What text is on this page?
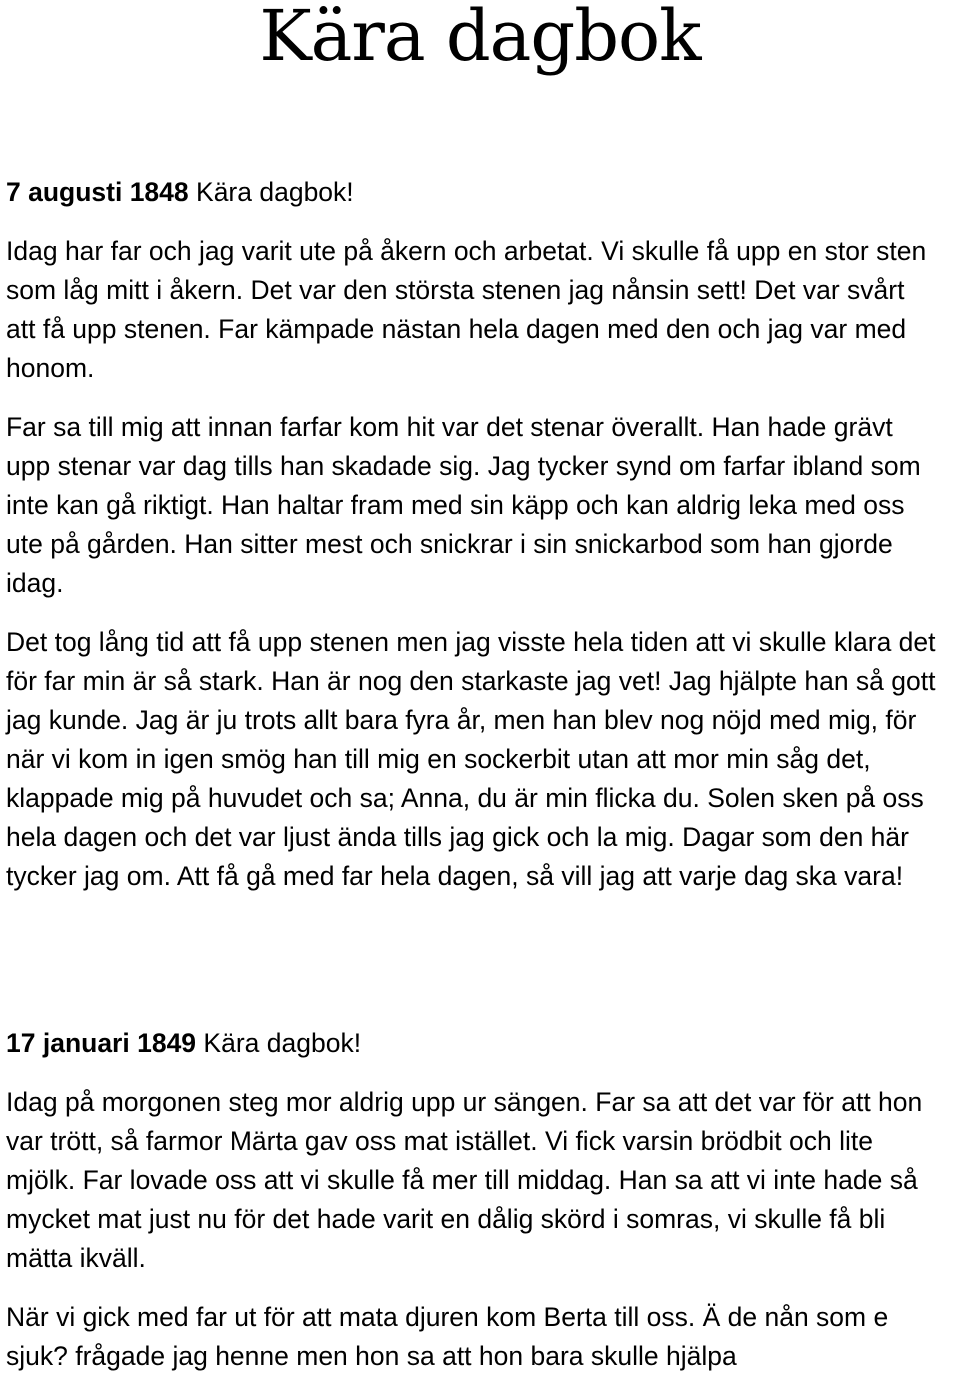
Kära dagbok
7 augusti 1848 Kära dagbok!

Idag har far och jag varit ute på åkern och arbetat. Vi skulle få upp en stor sten som låg mitt i åkern. Det var den största stenen jag nånsin sett! Det var svårt att få upp stenen. Far kämpade nästan hela dagen med den och jag var med honom.

Far sa till mig att innan farfar kom hit var det stenar överallt. Han hade grävt upp stenar var dag tills han skadade sig. Jag tycker synd om farfar ibland som inte kan gå riktigt. Han haltar fram med sin käpp och kan aldrig leka med oss ute på gården. Han sitter mest och snickrar i sin snickarbod som han gjorde idag.

Det tog lång tid att få upp stenen men jag visste hela tiden att vi skulle klara det för far min är så stark. Han är nog den starkaste jag vet! Jag hjälpte han så gott jag kunde. Jag är ju trots allt bara fyra år, men han blev nog nöjd med mig, för när vi kom in igen smög han till mig en sockerbit utan att mor min såg det, klappade mig på huvudet och sa; Anna, du är min flicka du. Solen sken på oss hela dagen och det var ljust ända tills jag gick och la mig. Dagar som den här tycker jag om. Att få gå med far hela dagen, så vill jag att varje dag ska vara!

17 januari 1849 Kära dagbok!

Idag på morgonen steg mor aldrig upp ur sängen. Far sa att det var för att hon var trött, så farmor Märta gav oss mat istället. Vi fick varsin brödbit och lite mjölk. Far lovade oss att vi skulle få mer till middag. Han sa att vi inte hade så mycket mat just nu för det hade varit en dålig skörd i somras, vi skulle få bli mätta ikväll.

När vi gick med far ut för att mata djuren kom Berta till oss. Ä de nån som e sjuk? frågade jag henne men hon sa att hon bara skulle hjälpa
